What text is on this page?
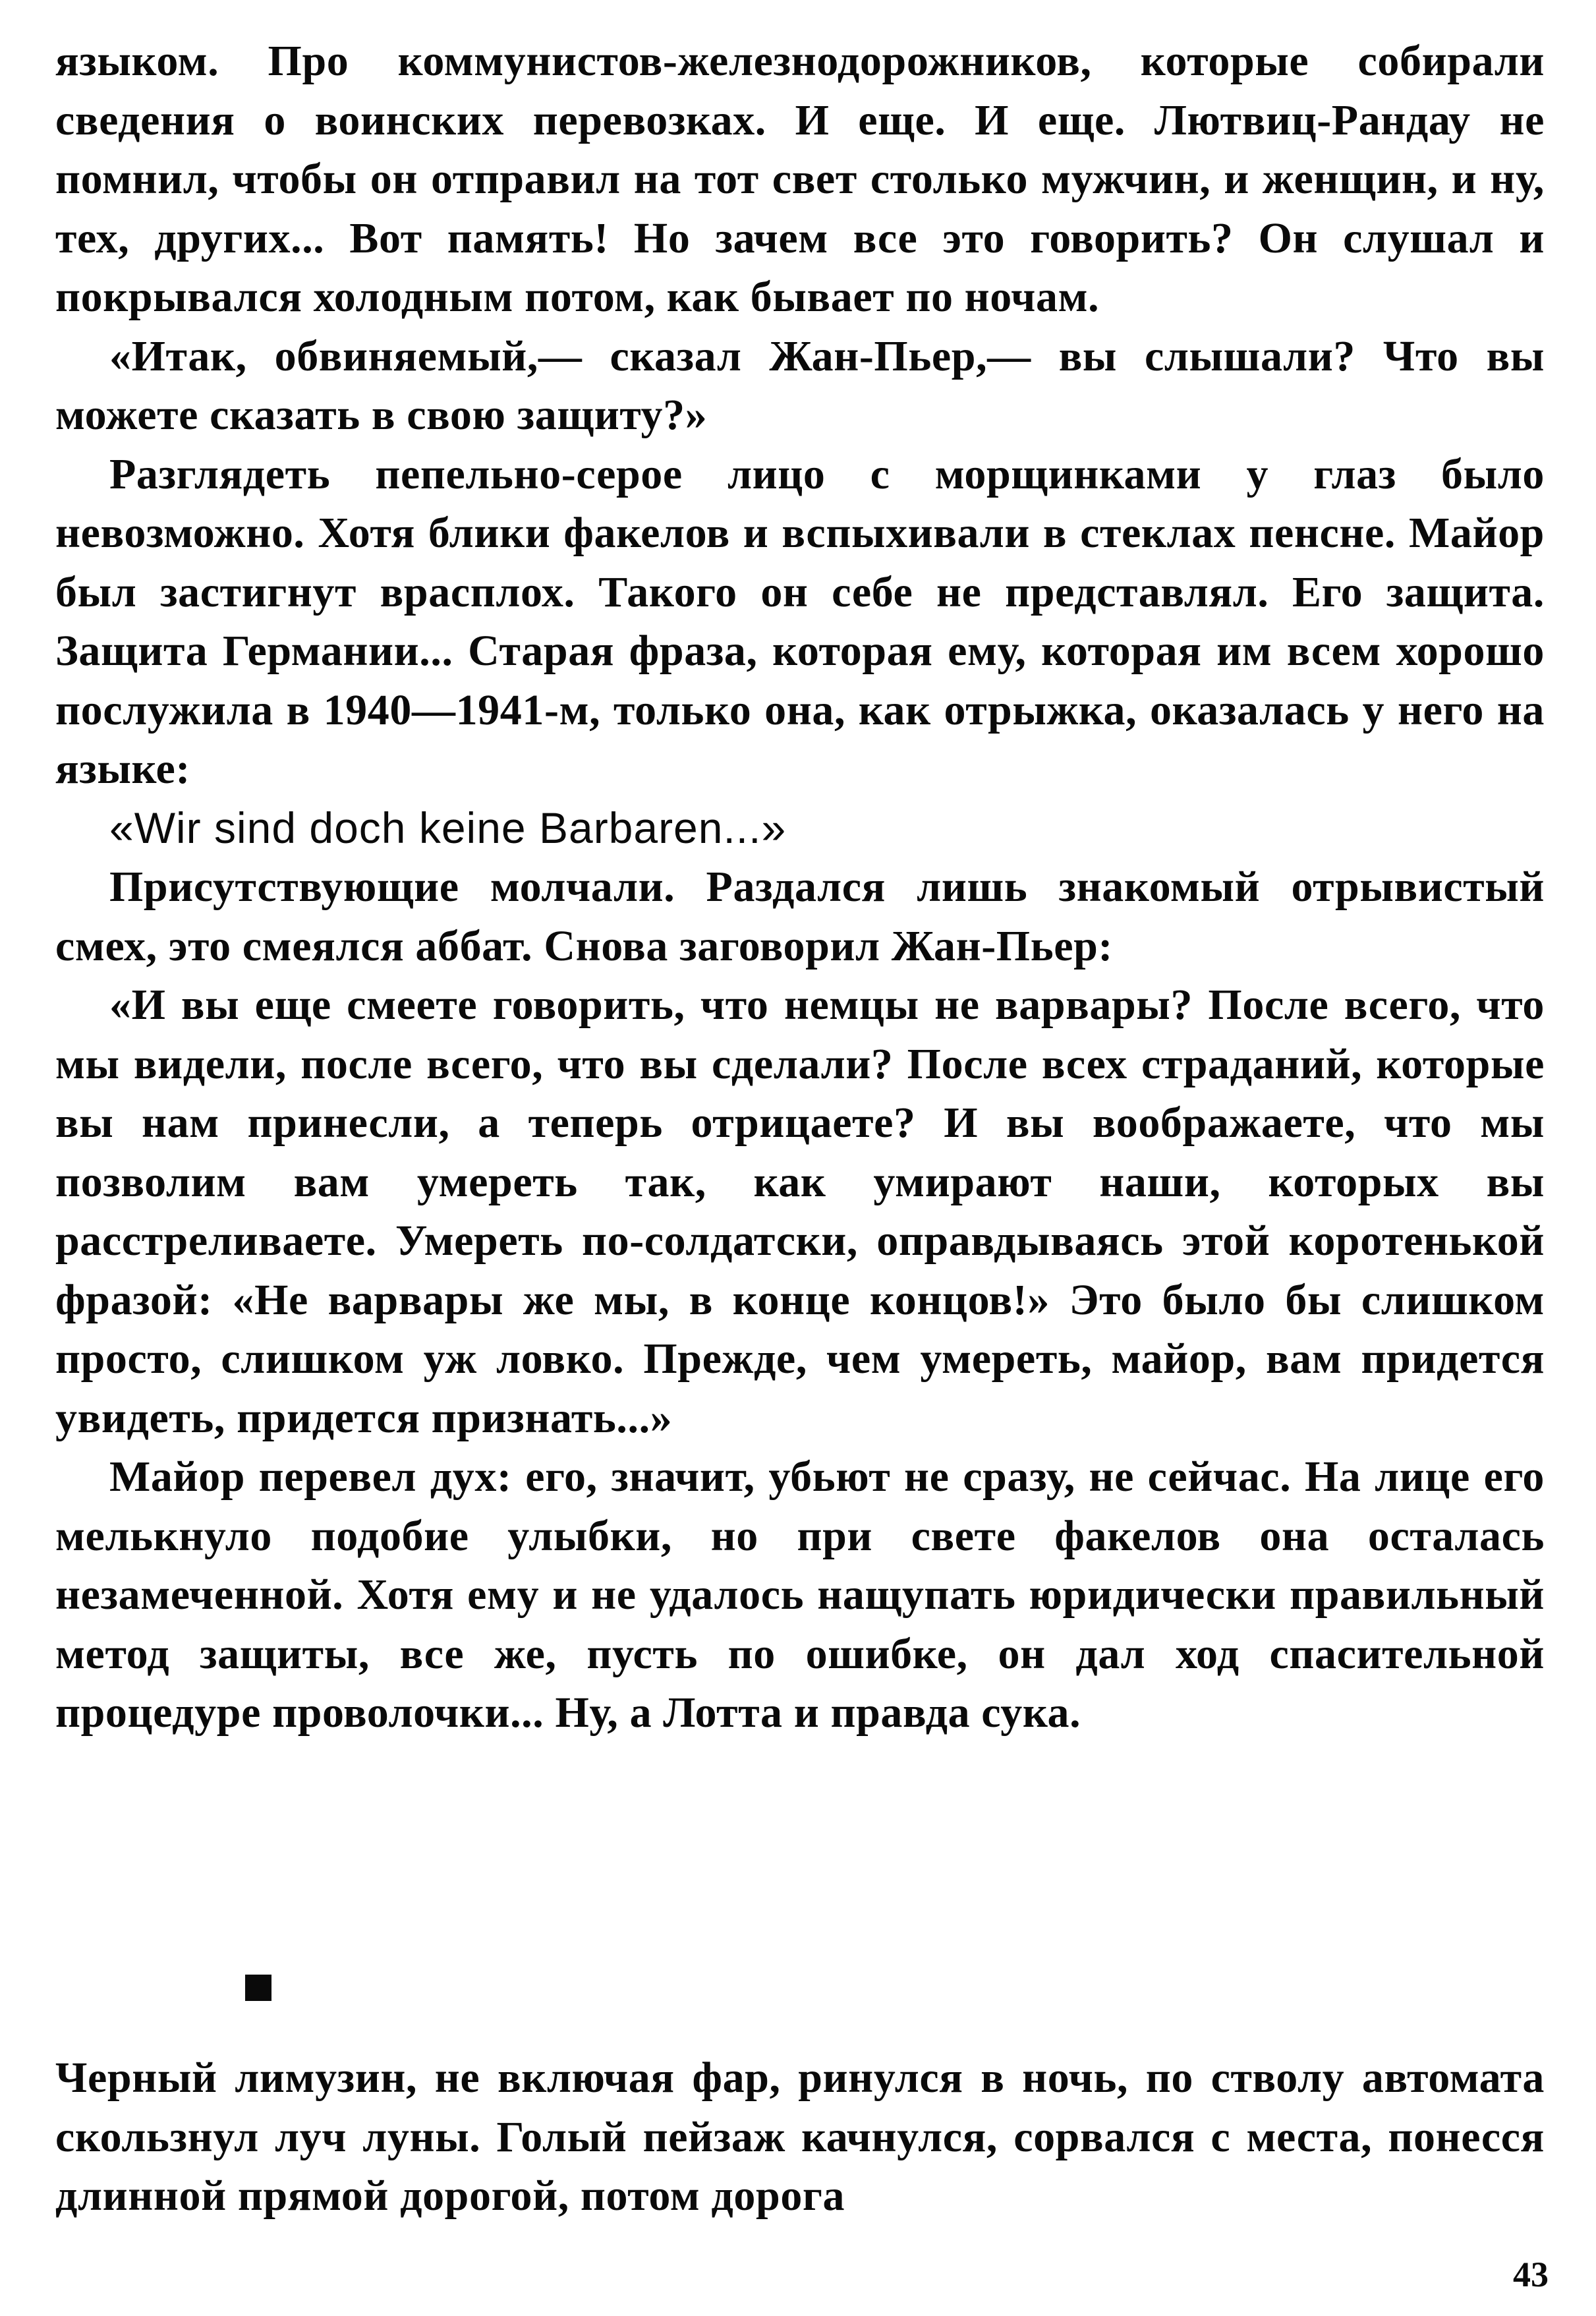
языком. Про коммунистов-железнодорожников, которые собирали сведения о воинских перевозках. И еще. И еще. Лютвиц-Рандау не помнил, чтобы он отправил на тот свет столько мужчин, и женщин, и ну, тех, других... Вот память! Но зачем все это говорить? Он слушал и покрывался холодным потом, как бывает по ночам.

«Итак, обвиняемый,— сказал Жан-Пьер,— вы слышали? Что вы можете сказать в свою защиту?»

Разглядеть пепельно-серое лицо с морщинками у глаз было невозможно. Хотя блики факелов и вспыхивали в стеклах пенсне. Майор был застигнут врасплох. Такого он себе не представлял. Его защита. Защита Германии... Старая фраза, которая ему, которая им всем хорошо послужила в 1940—1941-м, только она, как отрыжка, оказалась у него на языке:

«Wir sind doch keine Barbaren...»

Присутствующие молчали. Раздался лишь знакомый отрывистый смех, это смеялся аббат. Снова заговорил Жан-Пьер:

«И вы еще смеете говорить, что немцы не варвары? После всего, что мы видели, после всего, что вы сделали? После всех страданий, которые вы нам принесли, а теперь отрицаете? И вы воображаете, что мы позволим вам умереть так, как умирают наши, которых вы расстреливаете. Умереть по-солдатски, оправдываясь этой коротенькой фразой: «Не варвары же мы, в конце концов!» Это было бы слишком просто, слишком уж ловко. Прежде, чем умереть, майор, вам придется увидеть, придется признать...»

Майор перевел дух: его, значит, убьют не сразу, не сейчас. На лице его мелькнуло подобие улыбки, но при свете факелов она осталась незамеченной. Хотя ему и не удалось нащупать юридически правильный метод защиты, все же, пусть по ошибке, он дал ход спасительной процедуре проволочки... Ну, а Лотта и правда сука.

Черный лимузин, не включая фар, ринулся в ночь, по стволу автомата скользнул луч луны. Голый пейзаж качнулся, сорвался с места, понесся длинной прямой дорогой, потом дорога

43
